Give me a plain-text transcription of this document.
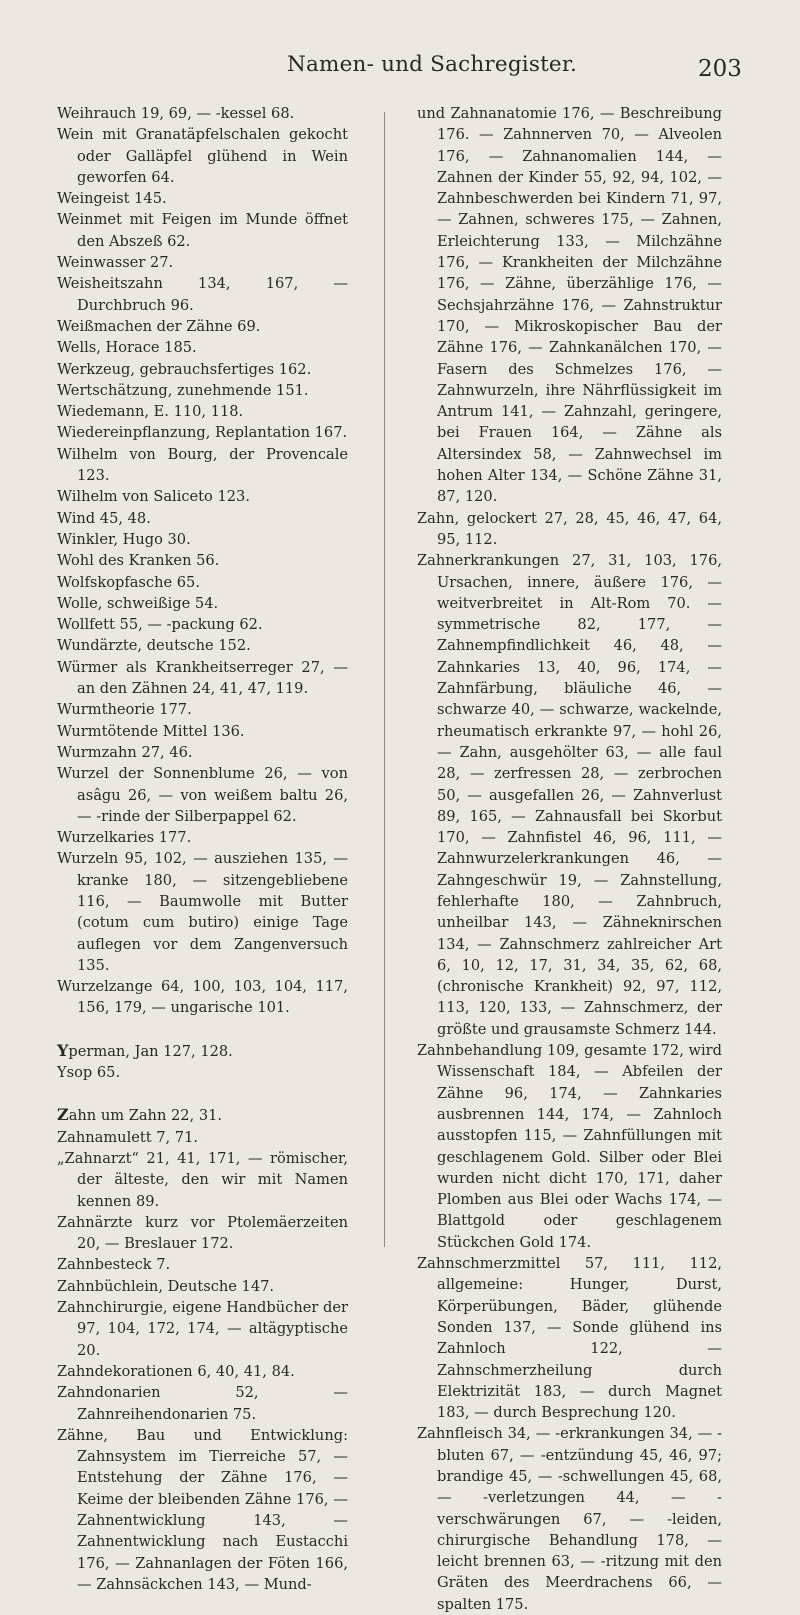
Namen- und Sachregister.	203

Weihrauch 19, 69, — -kessel 68.

Wein mit Granatäpfelschalen gekocht oder Galläpfel glühend in Wein geworfen 64.

Weingeist 145.

Weinmet mit Feigen im Munde öffnet den Abszeß 62.

Weinwasser 27.

Weisheitszahn 134, 167, — Durchbruch 96.

Weißmachen der Zähne 69.

Wells, Horace 185.

Werkzeug, gebrauchsfertiges 162.

Wertschätzung, zunehmende 151.

Wiedemann, E. 110, 118.

Wiedereinpflanzung, Replantation 167.

Wilhelm von Bourg, der Provencale 123.

Wilhelm von Saliceto 123.

Wind 45, 48.

Winkler, Hugo 30.

Wohl des Kranken 56.

Wolfskopfasche 65.

Wolle, schweißige 54.

Wollfett 55, — -packung 62.

Wundärzte, deutsche 152.

Würmer als Krankheitserreger 27, — an den Zähnen 24, 41, 47, 119.

Wurmtheorie 177.

Wurmtötende Mittel 136.

Wurmzahn 27, 46.

Wurzel der Sonnenblume 26, — von asâgu 26, — von weißem baltu 26, — -rinde der Silberpappel 62.

Wurzelkaries 177.

Wurzeln 95, 102, — ausziehen 135, — kranke 180, — sitzengebliebene 116, — Baumwolle mit Butter (cotum cum butiro) einige Tage auflegen vor dem Zangenversuch 135.

Wurzelzange 64, 100, 103, 104, 117, 156, 179, — ungarische 101.

Yperman, Jan 127, 128.

Ysop 65.

Zahn um Zahn 22, 31.

Zahnamulett 7, 71.

„Zahnarzt“ 21, 41, 171, — römischer, der älteste, den wir mit Namen kennen 89.

Zahnärzte kurz vor Ptolemäerzeiten 20, — Breslauer 172.

Zahnbesteck 7.

Zahnbüchlein, Deutsche 147.

Zahnchirurgie, eigene Handbücher der 97, 104, 172, 174, — altägyptische 20.

Zahndekorationen 6, 40, 41, 84.

Zahndonarien 52, — Zahnreihendonarien 75.

Zähne, Bau und Entwicklung: Zahnsystem im Tierreiche 57, — Entstehung der Zähne 176, — Keime der bleibenden Zähne 176, — Zahnentwicklung 143, — Zahnentwicklung nach Eustacchi 176, — Zahnanlagen der Föten 166, — Zahnsäckchen 143, — Mund-

und Zahnanatomie 176, — Beschreibung 176. — Zahnnerven 70, — Alveolen 176, — Zahnanomalien 144, — Zahnen der Kinder 55, 92, 94, 102, — Zahnbeschwerden bei Kindern 71, 97, — Zahnen, schweres 175, — Zahnen, Erleichterung 133, — Milchzähne 176, — Krankheiten der Milchzähne 176, — Zähne, überzählige 176, — Sechsjahrzähne 176, — Zahnstruktur 170, — Mikroskopischer Bau der Zähne 176, — Zahnkanälchen 170, — Fasern des Schmelzes 176, — Zahnwurzeln, ihre Nährflüssigkeit im Antrum 141, — Zahnzahl, geringere, bei Frauen 164, — Zähne als Altersindex 58, — Zahnwechsel im hohen Alter 134, — Schöne Zähne 31, 87, 120.

Zahn, gelockert 27, 28, 45, 46, 47, 64, 95, 112.

Zahnerkrankungen 27, 31, 103, 176, Ursachen, innere, äußere 176, — weitverbreitet in Alt-Rom 70. — symmetrische 82, 177, — Zahnempfindlichkeit 46, 48, — Zahnkaries 13, 40, 96, 174, — Zahnfärbung, bläuliche 46, — schwarze 40, — schwarze, wackelnde, rheumatisch erkrankte 97, — hohl 26, — Zahn, ausgehölter 63, — alle faul 28, — zerfressen 28, — zerbrochen 50, — ausgefallen 26, — Zahnverlust 89, 165, — Zahnausfall bei Skorbut 170, — Zahnfistel 46, 96, 111, — Zahnwurzelerkrankungen 46, — Zahngeschwür 19, — Zahnstellung, fehlerhafte 180, — Zahnbruch, unheilbar 143, — Zähneknirschen 134, — Zahnschmerz zahlreicher Art 6, 10, 12, 17, 31, 34, 35, 62, 68, (chronische Krankheit) 92, 97, 112, 113, 120, 133, — Zahnschmerz, der größte und grausamste Schmerz 144.

Zahnbehandlung 109, gesamte 172, wird Wissenschaft 184, — Abfeilen der Zähne 96, 174, — Zahnkaries ausbrennen 144, 174, — Zahnloch ausstopfen 115, — Zahnfüllungen mit geschlagenem Gold. Silber oder Blei wurden nicht dicht 170, 171, daher Plomben aus Blei oder Wachs 174, — Blattgold oder geschlagenem Stückchen Gold 174.

Zahnschmerzmittel 57, 111, 112, allgemeine: Hunger, Durst, Körperübungen, Bäder, glühende Sonden 137, — Sonde glühend ins Zahnloch 122, — Zahnschmerzheilung durch Elektrizität 183, — durch Magnet 183, — durch Besprechung 120.

Zahnfleisch 34, — -erkrankungen 34, — -bluten 67, — -entzündung 45, 46, 97; brandige 45, — -schwellungen 45, 68, — -verletzungen 44, — -verschwärungen 67, — -leiden, chirurgische Behandlung 178, — leicht brennen 63, — -ritzung mit den Gräten des Meerdrachens 66, — spalten 175.
